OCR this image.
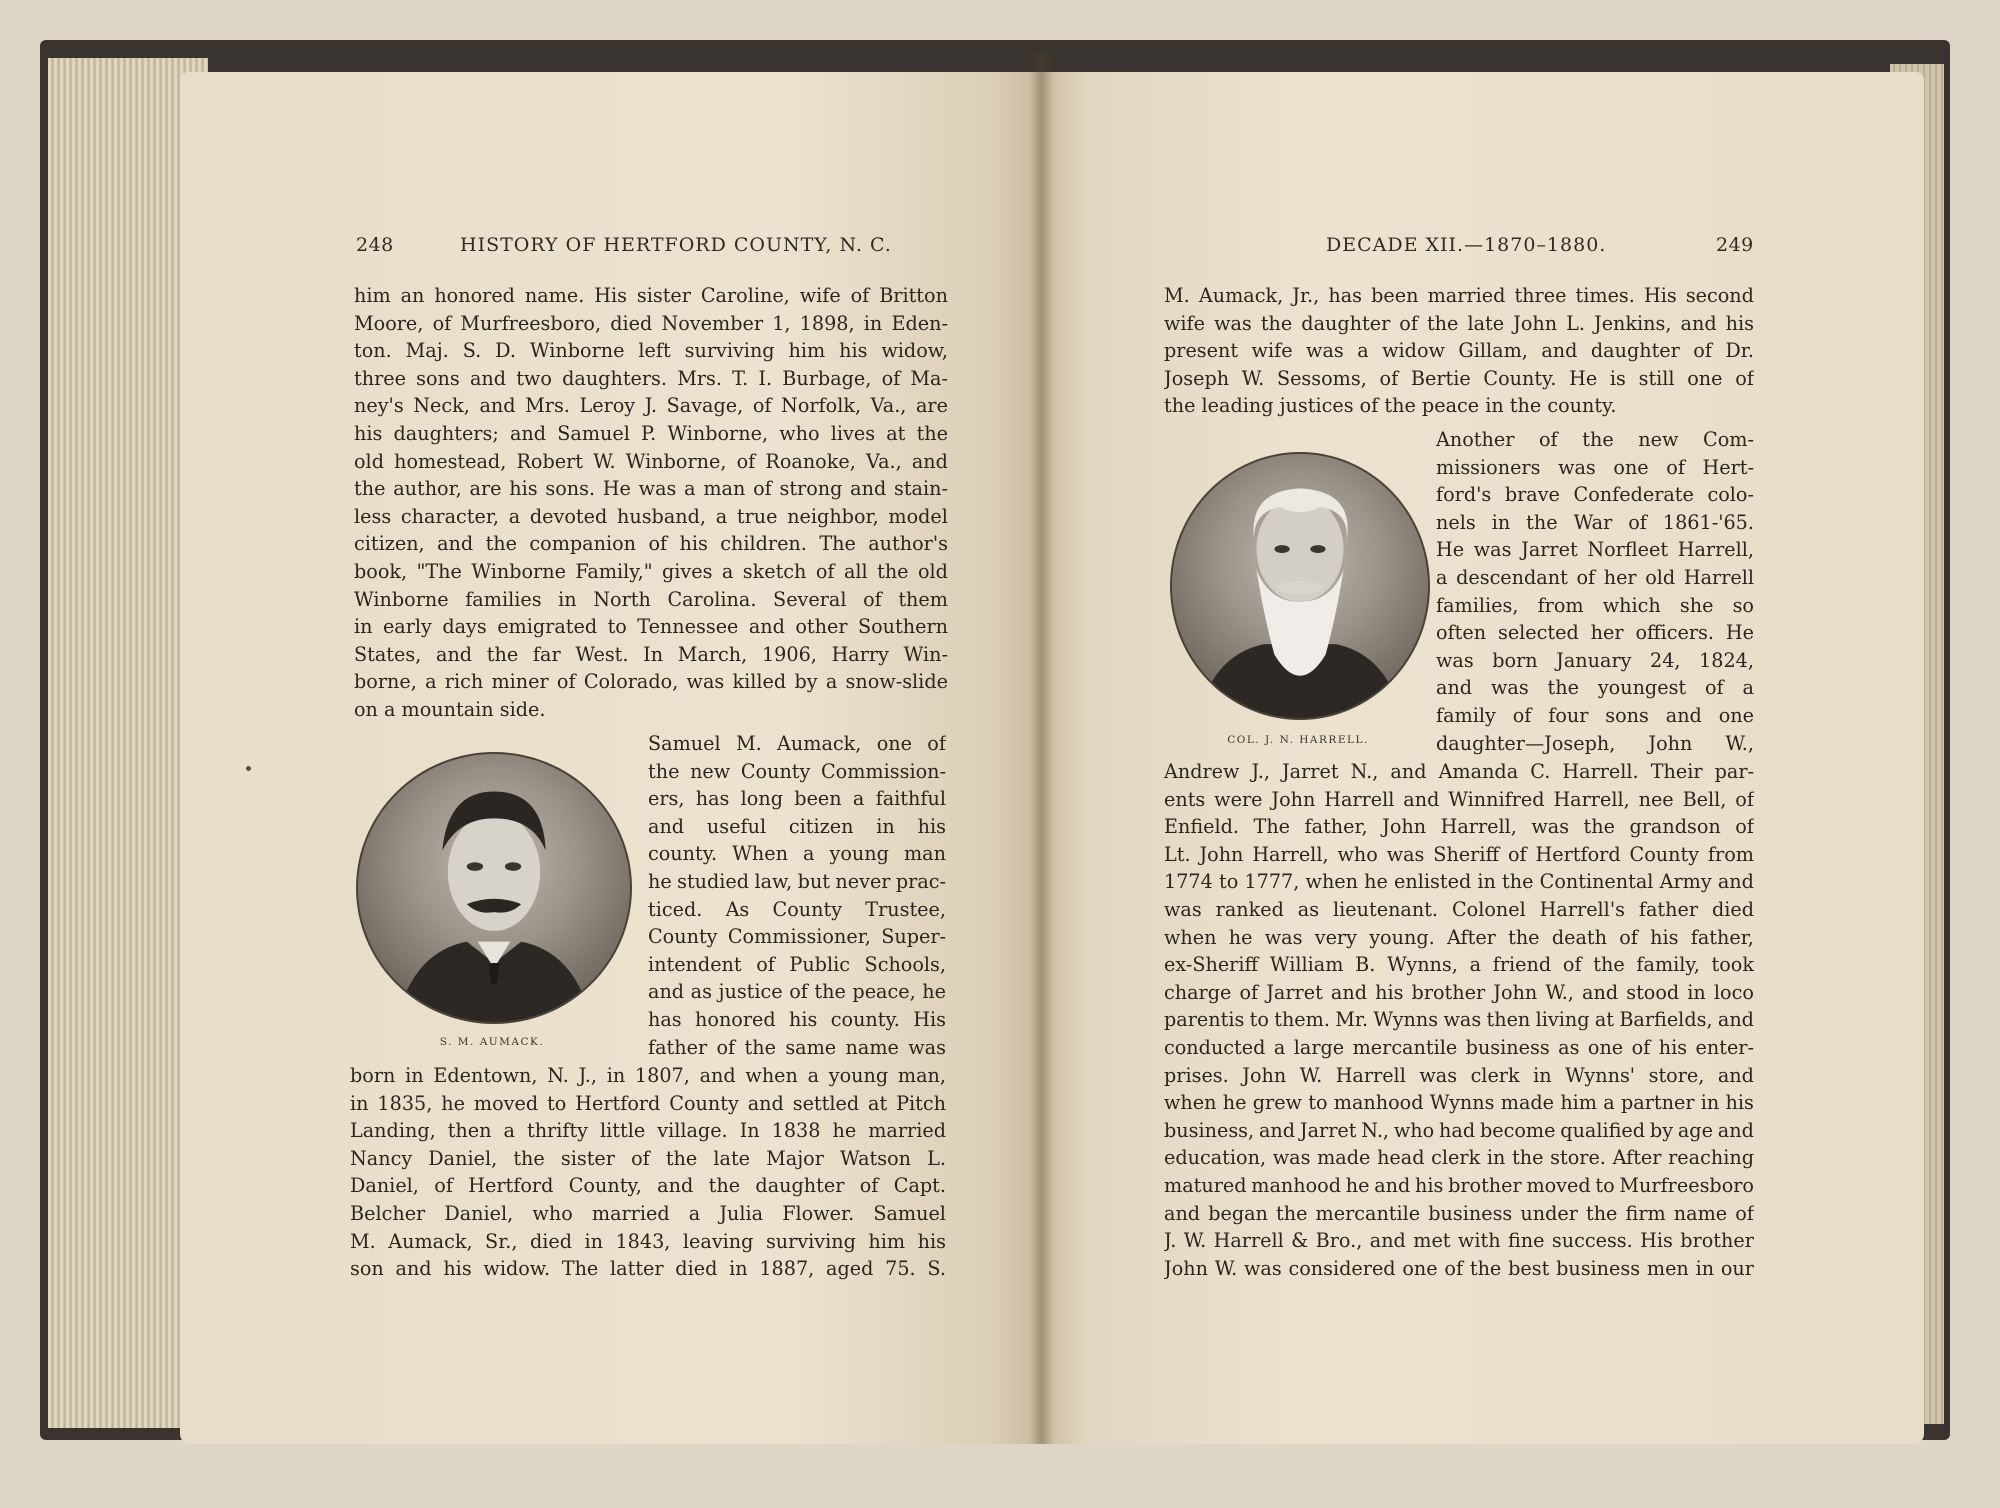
248	HISTORY OF HERTFORD COUNTY, N. C.
him an honored name. His sister Caroline, wife of Britton
Moore, of Murfreesboro, died November 1, 1898, in Eden-
ton. Maj. S. D. Winborne left surviving him his widow,
three sons and two daughters. Mrs. T. I. Burbage, of Ma-
ney's Neck, and Mrs. Leroy J. Savage, of Norfolk, Va., are
his daughters; and Samuel P. Winborne, who lives at the
old homestead, Robert W. Winborne, of Roanoke, Va., and
the author, are his sons. He was a man of strong and stain-
less character, a devoted husband, a true neighbor, model
citizen, and the companion of his children. The author's
book, "The Winborne Family," gives a sketch of all the old
Winborne families in North Carolina. Several of them
in early days emigrated to Tennessee and other Southern
States, and the far West. In March, 1906, Harry Win-
borne, a rich miner of Colorado, was killed by a snow-slide
on a mountain side.
S. M. AUMACK.
Samuel M. Aumack, one of
the new County Commission-
ers, has long been a faithful
and useful citizen in his
county. When a young man
he studied law, but never prac-
ticed. As County Trustee,
County Commissioner, Super-
intendent of Public Schools,
and as justice of the peace, he
has honored his county. His
father of the same name was
born in Edentown, N. J., in 1807, and when a young man,
in 1835, he moved to Hertford County and settled at Pitch
Landing, then a thrifty little village. In 1838 he married
Nancy Daniel, the sister of the late Major Watson L.
Daniel, of Hertford County, and the daughter of Capt.
Belcher Daniel, who married a Julia Flower. Samuel
M. Aumack, Sr., died in 1843, leaving surviving him his
son and his widow. The latter died in 1887, aged 75. S.
DECADE XII.—1870–1880.	249
M. Aumack, Jr., has been married three times. His second
wife was the daughter of the late John L. Jenkins, and his
present wife was a widow Gillam, and daughter of Dr.
Joseph W. Sessoms, of Bertie County. He is still one of
the leading justices of the peace in the county.
COL. J. N. HARRELL.
Another of the new Com-
missioners was one of Hert-
ford's brave Confederate colo-
nels in the War of 1861-'65.
He was Jarret Norfleet Harrell,
a descendant of her old Harrell
families, from which she so
often selected her officers. He
was born January 24, 1824,
and was the youngest of a
family of four sons and one
daughter—Joseph, John W.,
Andrew J., Jarret N., and Amanda C. Harrell. Their par-
ents were John Harrell and Winnifred Harrell, nee Bell, of
Enfield. The father, John Harrell, was the grandson of
Lt. John Harrell, who was Sheriff of Hertford County from
1774 to 1777, when he enlisted in the Continental Army and
was ranked as lieutenant. Colonel Harrell's father died
when he was very young. After the death of his father,
ex-Sheriff William B. Wynns, a friend of the family, took
charge of Jarret and his brother John W., and stood in loco
parentis to them. Mr. Wynns was then living at Barfields, and
conducted a large mercantile business as one of his enter-
prises. John W. Harrell was clerk in Wynns' store, and
when he grew to manhood Wynns made him a partner in his
business, and Jarret N., who had become qualified by age and
education, was made head clerk in the store. After reaching
matured manhood he and his brother moved to Murfreesboro
and began the mercantile business under the firm name of
J. W. Harrell & Bro., and met with fine success. His brother
John W. was considered one of the best business men in our
